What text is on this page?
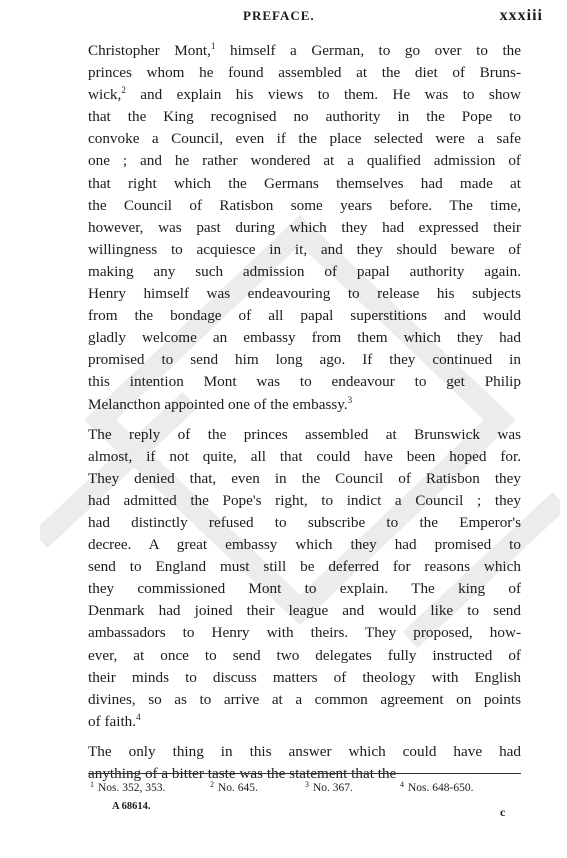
PREFACE.	xxxiii
Christopher Mont,$^1$ himself a German, to go over to the
princes whom he found assembled at the diet of Bruns-
wick,$^2$ and explain his views to them. He was to show
that the King recognised no authority in the Pope to
convoke a Council, even if the place selected were a safe
one ; and he rather wondered at a qualified admission of
that right which the Germans themselves had made at
the Council of Ratisbon some years before. The time,
however, was past during which they had expressed their
willingness to acquiesce in it, and they should beware of
making any such admission of papal authority again.
Henry himself was endeavouring to release his subjects
from the bondage of all papal superstitions and would
gladly welcome an embassy from them which they had
promised to send him long ago. If they continued in
this intention Mont was to endeavour to get Philip
Melancthon appointed one of the embassy.$^3$
The reply of the princes assembled at Brunswick was
almost, if not quite, all that could have been hoped for.
They denied that, even in the Council of Ratisbon they
had admitted the Pope's right, to indict a Council ; they
had distinctly refused to subscribe to the Emperor's
decree. A great embassy which they had promised to
send to England must still be deferred for reasons which
they commissioned Mont to explain. The king of
Denmark had joined their league and would like to send
ambassadors to Henry with theirs. They proposed, how-
ever, at once to send two delegates fully instructed of
their minds to discuss matters of theology with English
divines, so as to arrive at a common agreement on points
of faith.$^4$
The only thing in this answer which could have had
anything of a bitter taste was the statement that the
$^1$ Nos. 352, 353.	$^2$ No. 645.	$^3$ No. 367.	$^4$ Nos. 648-650.
A 68614.	c
